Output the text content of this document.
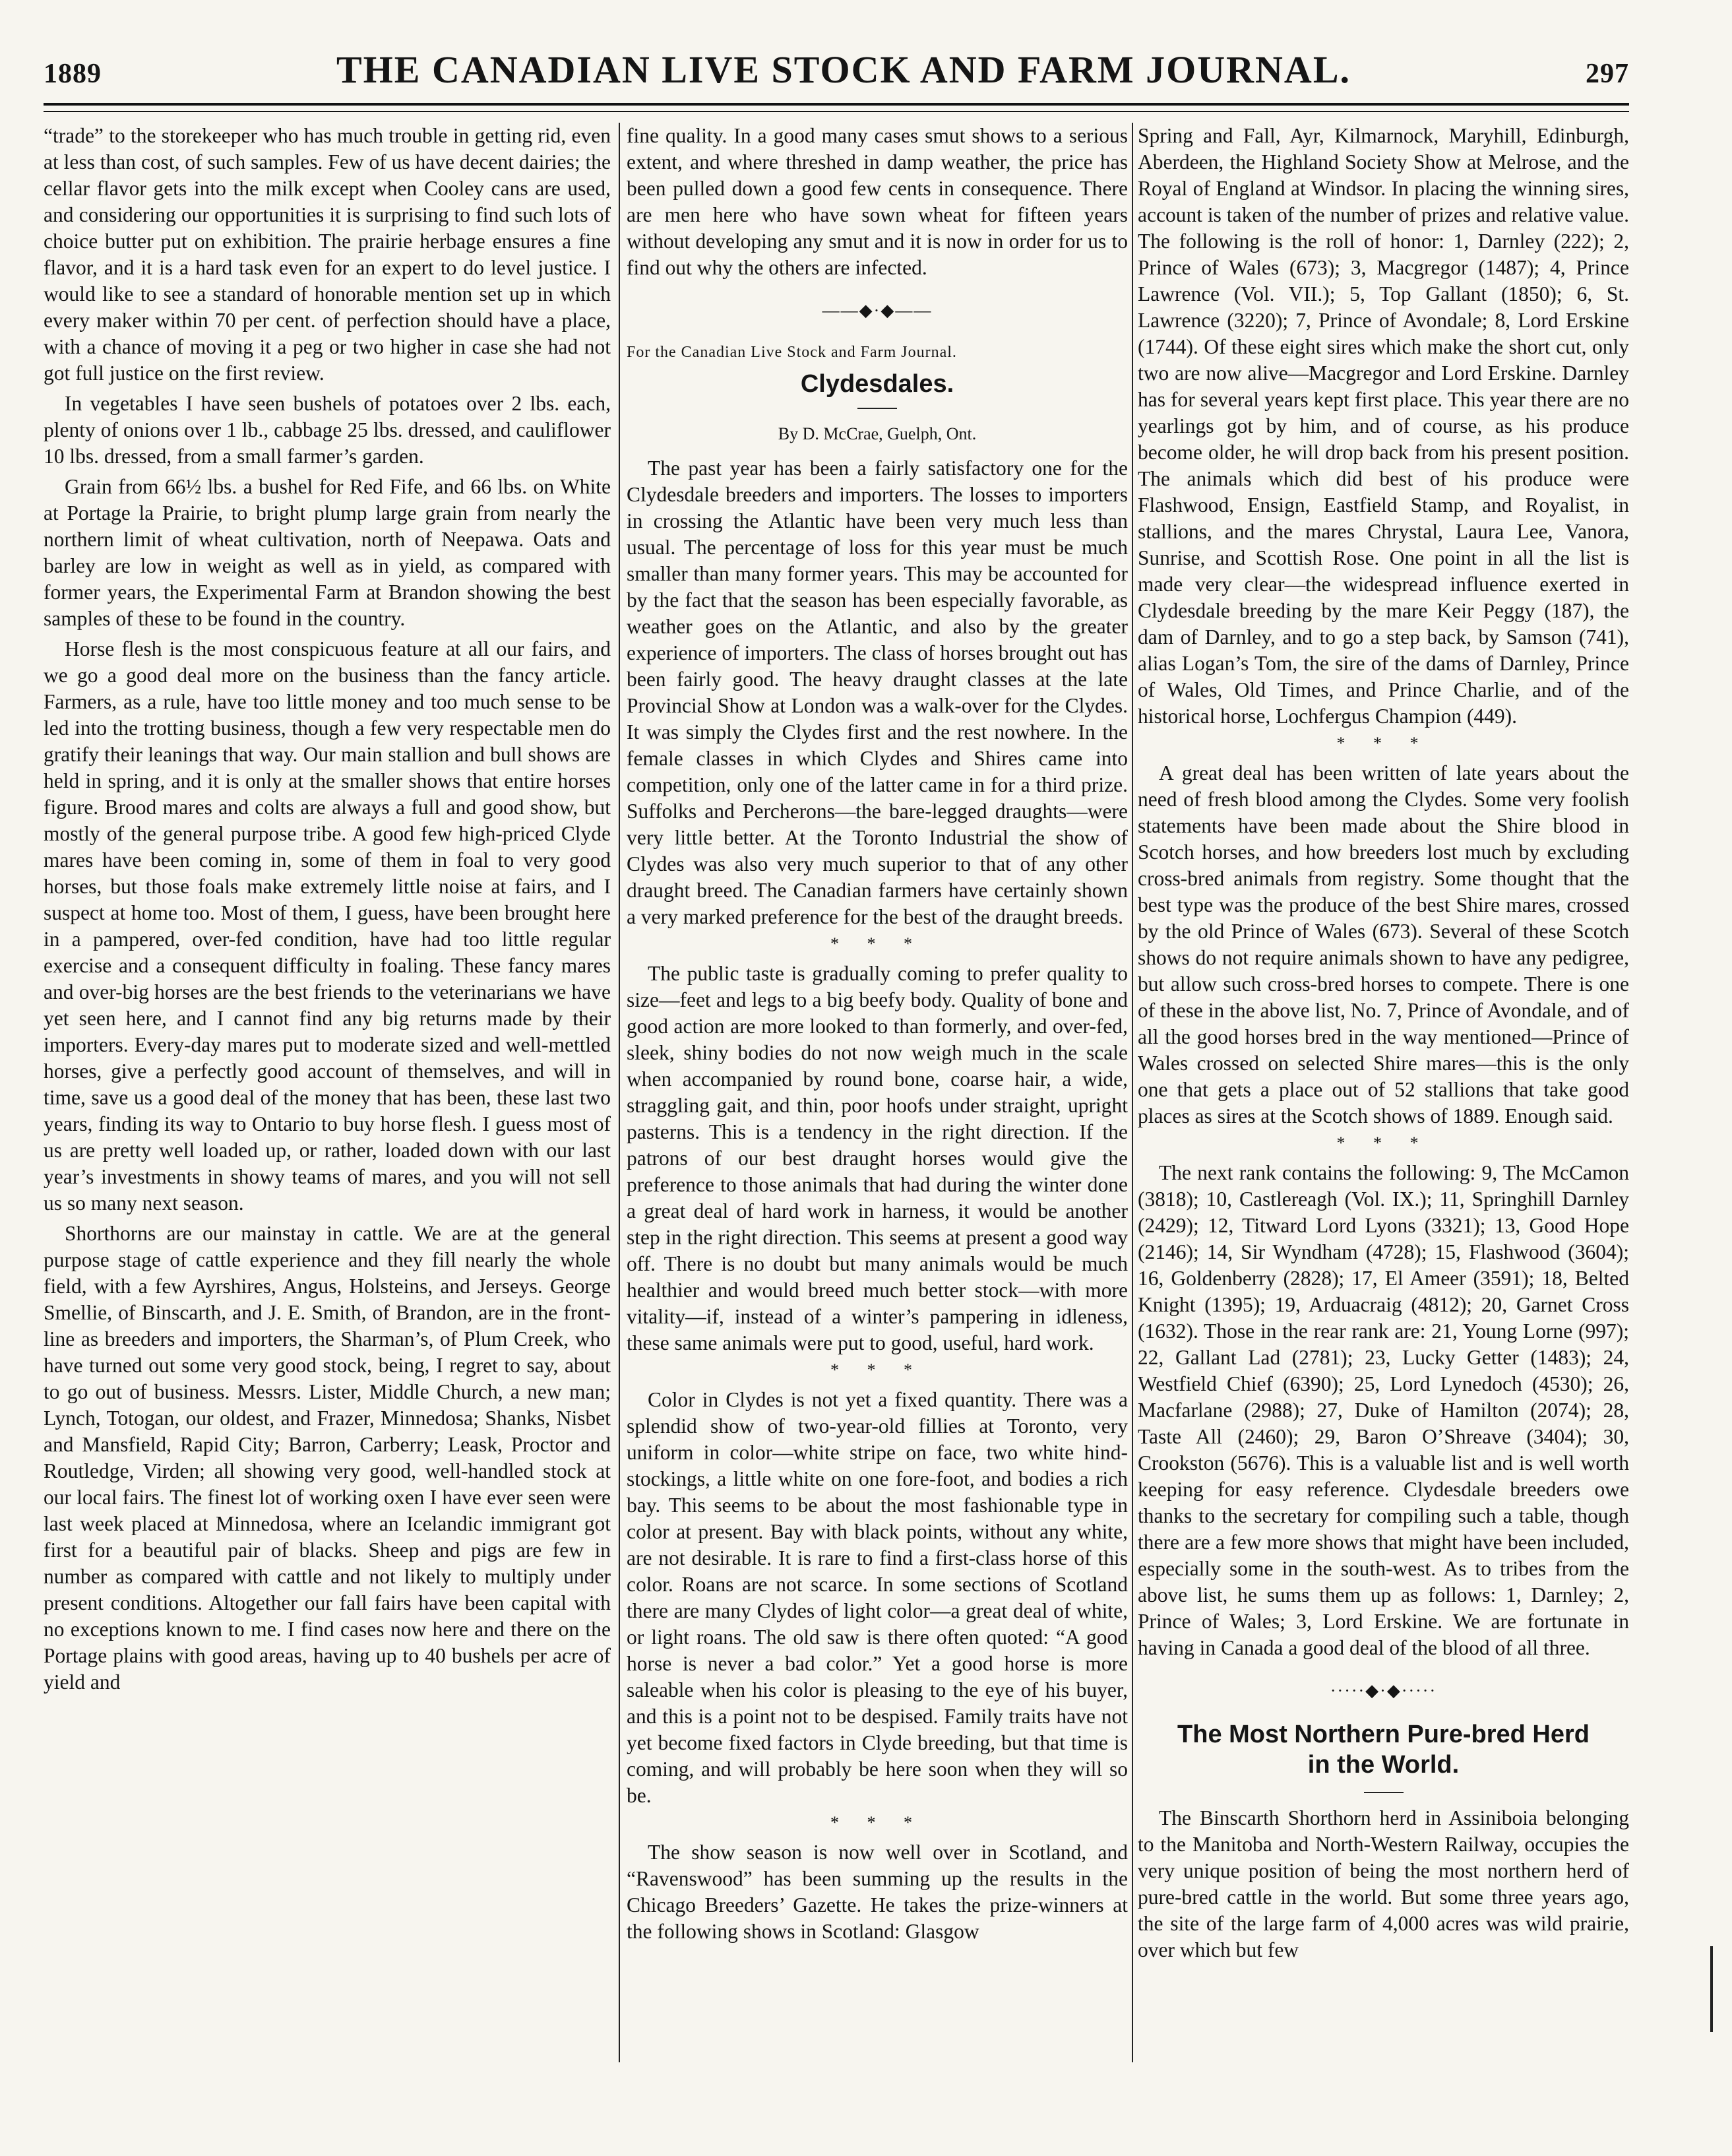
1889	THE CANADIAN LIVE STOCK AND FARM JOURNAL.	297

“trade” to the storekeeper who has much trouble in getting rid, even at less than cost, of such samples. Few of us have decent dairies; the cellar flavor gets into the milk except when Cooley cans are used, and considering our opportunities it is surprising to find such lots of choice butter put on exhibition. The prairie herbage ensures a fine flavor, and it is a hard task even for an expert to do level justice. I would like to see a standard of honorable mention set up in which every maker within 70 per cent. of perfection should have a place, with a chance of moving it a peg or two higher in case she had not got full justice on the first review.

In vegetables I have seen bushels of potatoes over 2 lbs. each, plenty of onions over 1 lb., cabbage 25 lbs. dressed, and cauliflower 10 lbs. dressed, from a small farmer’s garden.

Grain from 66½ lbs. a bushel for Red Fife, and 66 lbs. on White at Portage la Prairie, to bright plump large grain from nearly the northern limit of wheat cultivation, north of Neepawa. Oats and barley are low in weight as well as in yield, as compared with former years, the Experimental Farm at Brandon showing the best samples of these to be found in the country.

Horse flesh is the most conspicuous feature at all our fairs, and we go a good deal more on the business than the fancy article. Farmers, as a rule, have too little money and too much sense to be led into the trotting business, though a few very respectable men do gratify their leanings that way. Our main stallion and bull shows are held in spring, and it is only at the smaller shows that entire horses figure. Brood mares and colts are always a full and good show, but mostly of the general purpose tribe. A good few high-priced Clyde mares have been coming in, some of them in foal to very good horses, but those foals make extremely little noise at fairs, and I suspect at home too. Most of them, I guess, have been brought here in a pampered, over-fed condition, have had too little regular exercise and a consequent difficulty in foaling. These fancy mares and over-big horses are the best friends to the veterinarians we have yet seen here, and I cannot find any big returns made by their importers. Every-day mares put to moderate sized and well-mettled horses, give a perfectly good account of themselves, and will in time, save us a good deal of the money that has been, these last two years, finding its way to Ontario to buy horse flesh. I guess most of us are pretty well loaded up, or rather, loaded down with our last year’s investments in showy teams of mares, and you will not sell us so many next season.

Shorthorns are our mainstay in cattle. We are at the general purpose stage of cattle experience and they fill nearly the whole field, with a few Ayrshires, Angus, Holsteins, and Jerseys. George Smellie, of Binscarth, and J. E. Smith, of Brandon, are in the front-line as breeders and importers, the Sharman’s, of Plum Creek, who have turned out some very good stock, being, I regret to say, about to go out of business. Messrs. Lister, Middle Church, a new man; Lynch, Totogan, our oldest, and Frazer, Minnedosa; Shanks, Nisbet and Mansfield, Rapid City; Barron, Carberry; Leask, Proctor and Routledge, Virden; all showing very good, well-handled stock at our local fairs. The finest lot of working oxen I have ever seen were last week placed at Minnedosa, where an Icelandic immigrant got first for a beautiful pair of blacks. Sheep and pigs are few in number as compared with cattle and not likely to multiply under present conditions. Altogether our fall fairs have been capital with no exceptions known to me. I find cases now here and there on the Portage plains with good areas, having up to 40 bushels per acre of yield and

fine quality. In a good many cases smut shows to a serious extent, and where threshed in damp weather, the price has been pulled down a good few cents in consequence. There are men here who have sown wheat for fifteen years without developing any smut and it is now in order for us to find out why the others are infected.

——◆·◆——
For the Canadian Live Stock and Farm Journal.
Clydesdales.
By D. McCrae, Guelph, Ont.

The past year has been a fairly satisfactory one for the Clydesdale breeders and importers. The losses to importers in crossing the Atlantic have been very much less than usual. The percentage of loss for this year must be much smaller than many former years. This may be accounted for by the fact that the season has been especially favorable, as weather goes on the Atlantic, and also by the greater experience of importers. The class of horses brought out has been fairly good. The heavy draught classes at the late Provincial Show at London was a walk-over for the Clydes. It was simply the Clydes first and the rest nowhere. In the female classes in which Clydes and Shires came into competition, only one of the latter came in for a third prize. Suffolks and Percherons—the bare-legged draughts—were very little better. At the Toronto Industrial the show of Clydes was also very much superior to that of any other draught breed. The Canadian farmers have certainly shown a very marked preference for the best of the draught breeds.

* * *

The public taste is gradually coming to prefer quality to size—feet and legs to a big beefy body. Quality of bone and good action are more looked to than formerly, and over-fed, sleek, shiny bodies do not now weigh much in the scale when accompanied by round bone, coarse hair, a wide, straggling gait, and thin, poor hoofs under straight, upright pasterns. This is a tendency in the right direction. If the patrons of our best draught horses would give the preference to those animals that had during the winter done a great deal of hard work in harness, it would be another step in the right direction. This seems at present a good way off. There is no doubt but many animals would be much healthier and would breed much better stock—with more vitality—if, instead of a winter’s pampering in idleness, these same animals were put to good, useful, hard work.

* * *

Color in Clydes is not yet a fixed quantity. There was a splendid show of two-year-old fillies at Toronto, very uniform in color—white stripe on face, two white hind-stockings, a little white on one fore-foot, and bodies a rich bay. This seems to be about the most fashionable type in color at present. Bay with black points, without any white, are not desirable. It is rare to find a first-class horse of this color. Roans are not scarce. In some sections of Scotland there are many Clydes of light color—a great deal of white, or light roans. The old saw is there often quoted: “A good horse is never a bad color.” Yet a good horse is more saleable when his color is pleasing to the eye of his buyer, and this is a point not to be despised. Family traits have not yet become fixed factors in Clyde breeding, but that time is coming, and will probably be here soon when they will so be.

* * *

The show season is now well over in Scotland, and “Ravenswood” has been summing up the results in the Chicago Breeders’ Gazette. He takes the prize-winners at the following shows in Scotland: Glasgow

Spring and Fall, Ayr, Kilmarnock, Maryhill, Edinburgh, Aberdeen, the Highland Society Show at Melrose, and the Royal of England at Windsor. In placing the winning sires, account is taken of the number of prizes and relative value. The following is the roll of honor: 1, Darnley (222); 2, Prince of Wales (673); 3, Macgregor (1487); 4, Prince Lawrence (Vol. VII.); 5, Top Gallant (1850); 6, St. Lawrence (3220); 7, Prince of Avondale; 8, Lord Erskine (1744). Of these eight sires which make the short cut, only two are now alive—Macgregor and Lord Erskine. Darnley has for several years kept first place. This year there are no yearlings got by him, and of course, as his produce become older, he will drop back from his present position. The animals which did best of his produce were Flashwood, Ensign, Eastfield Stamp, and Royalist, in stallions, and the mares Chrystal, Laura Lee, Vanora, Sunrise, and Scottish Rose. One point in all the list is made very clear—the widespread influence exerted in Clydesdale breeding by the mare Keir Peggy (187), the dam of Darnley, and to go a step back, by Samson (741), alias Logan’s Tom, the sire of the dams of Darnley, Prince of Wales, Old Times, and Prince Charlie, and of the historical horse, Lochfergus Champion (449).

* * *

A great deal has been written of late years about the need of fresh blood among the Clydes. Some very foolish statements have been made about the Shire blood in Scotch horses, and how breeders lost much by excluding cross-bred animals from registry. Some thought that the best type was the produce of the best Shire mares, crossed by the old Prince of Wales (673). Several of these Scotch shows do not require animals shown to have any pedigree, but allow such cross-bred horses to compete. There is one of these in the above list, No. 7, Prince of Avondale, and of all the good horses bred in the way mentioned—Prince of Wales crossed on selected Shire mares—this is the only one that gets a place out of 52 stallions that take good places as sires at the Scotch shows of 1889. Enough said.

* * *

The next rank contains the following: 9, The McCamon (3818); 10, Castlereagh (Vol. IX.); 11, Springhill Darnley (2429); 12, Titward Lord Lyons (3321); 13, Good Hope (2146); 14, Sir Wyndham (4728); 15, Flashwood (3604); 16, Goldenberry (2828); 17, El Ameer (3591); 18, Belted Knight (1395); 19, Arduacraig (4812); 20, Garnet Cross (1632). Those in the rear rank are: 21, Young Lorne (997); 22, Gallant Lad (2781); 23, Lucky Getter (1483); 24, Westfield Chief (6390); 25, Lord Lynedoch (4530); 26, Macfarlane (2988); 27, Duke of Hamilton (2074); 28, Taste All (2460); 29, Baron O’Shreave (3404); 30, Crookston (5676). This is a valuable list and is well worth keeping for easy reference. Clydesdale breeders owe thanks to the secretary for compiling such a table, though there are a few more shows that might have been included, especially some in the south-west. As to tribes from the above list, he sums them up as follows: 1, Darnley; 2, Prince of Wales; 3, Lord Erskine. We are fortunate in having in Canada a good deal of the blood of all three.

·····◆·◆·····
The Most Northern Pure-bred Herd
in the World.

The Binscarth Shorthorn herd in Assiniboia belonging to the Manitoba and North-Western Railway, occupies the very unique position of being the most northern herd of pure-bred cattle in the world. But some three years ago, the site of the large farm of 4,000 acres was wild prairie, over which but few
